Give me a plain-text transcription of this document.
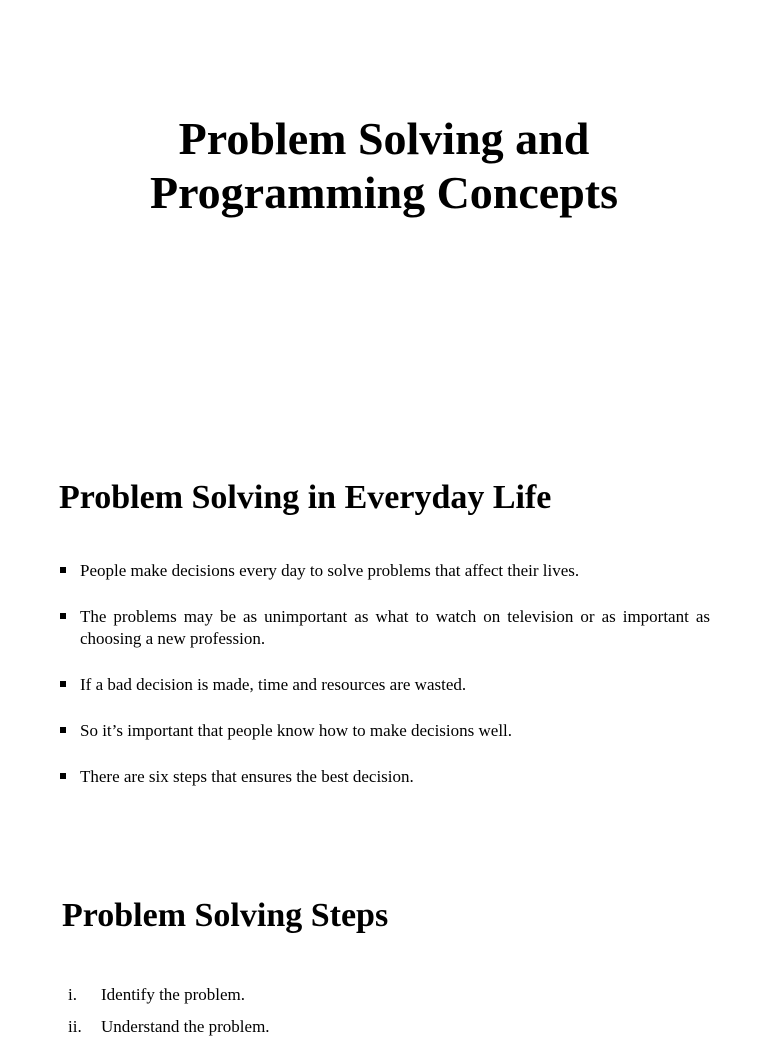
Problem Solving and
Programming Concepts
Problem Solving in Everyday Life
People make decisions every day to solve problems that affect their lives.
The problems may be as unimportant as what to watch on television or as important as choosing a new profession.
If a bad decision is made, time and resources are wasted.
So it’s important that people know how to make decisions well.
There are six steps that ensures the best decision.
Problem Solving Steps
i. Identify the problem.
ii. Understand the problem.
